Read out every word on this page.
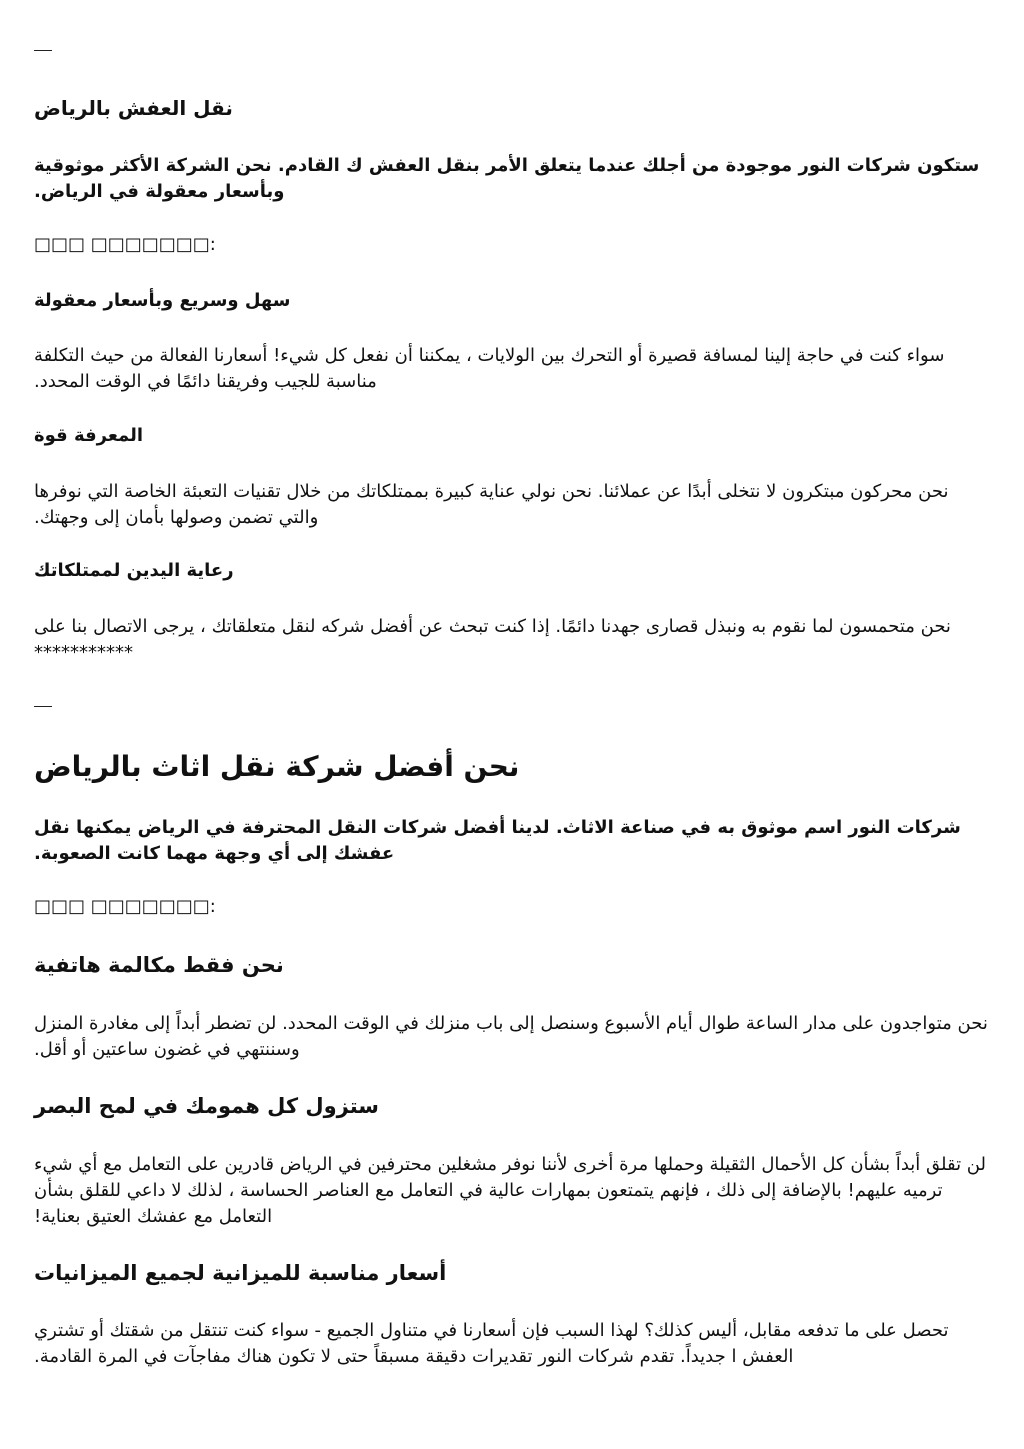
نقل العفش بالرياض

ستكون شركات النور موجودة من أجلك عندما يتعلق الأمر بنقل العفش ك القادم. نحن الشركة الأكثر موثوقية وبأسعار معقولة في الرياض.

□□□ □□□□□□□:

سهل وسريع وبأسعار معقولة

سواء كنت في حاجة إلينا لمسافة قصيرة أو التحرك بين الولايات ، يمكننا أن نفعل كل شيء! أسعارنا الفعالة من حيث التكلفة مناسبة للجيب وفريقنا دائمًا في الوقت المحدد.

المعرفة قوة

نحن محركون مبتكرون لا نتخلى أبدًا عن عملائنا. نحن نولي عناية كبيرة بممتلكاتك من خلال تقنيات التعبئة الخاصة التي نوفرها والتي تضمن وصولها بأمان إلى وجهتك.

رعاية اليدين لممتلكاتك

نحن متحمسون لما نقوم به ونبذل قصارى جهدنا دائمًا. إذا كنت تبحث عن أفضل شركه لنقل متعلقاتك ، يرجى الاتصال بنا على ***********

نحن أفضل شركة نقل اثاث بالرياض

شركات النور اسم موثوق به في صناعة الاثاث. لدينا أفضل شركات النقل المحترفة في الرياض يمكنها نقل عفشك إلى أي وجهة مهما كانت الصعوبة.

□□□ □□□□□□□:

نحن فقط مكالمة هاتفية

نحن متواجدون على مدار الساعة طوال أيام الأسبوع وسنصل إلى باب منزلك في الوقت المحدد. لن تضطر أبداً إلى مغادرة المنزل وسننتهي في غضون ساعتين أو أقل.

ستزول كل همومك في لمح البصر

لن تقلق أبداً بشأن كل الأحمال الثقيلة وحملها مرة أخرى لأننا نوفر مشغلين محترفين في الرياض قادرين على التعامل مع أي شيء ترميه عليهم! بالإضافة إلى ذلك ، فإنهم يتمتعون بمهارات عالية في التعامل مع العناصر الحساسة ، لذلك لا داعي للقلق بشأن التعامل مع عفشك العتيق بعناية!

أسعار مناسبة للميزانية لجميع الميزانيات

تحصل على ما تدفعه مقابل، أليس كذلك؟ لهذا السبب فإن أسعارنا في متناول الجميع - سواء كنت تنتقل من شقتك أو تشتري العفش ا جديداً. تقدم شركات النور تقديرات دقيقة مسبقاً حتى لا تكون هناك مفاجآت في المرة القادمة.
